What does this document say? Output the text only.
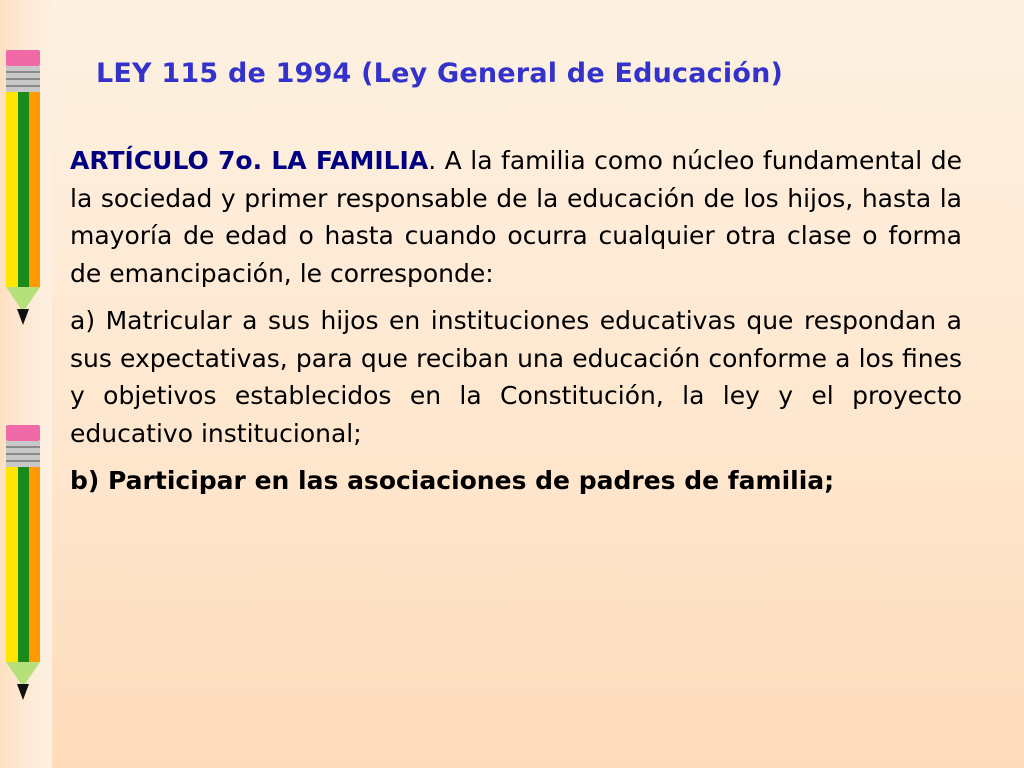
LEY 115 de 1994 (Ley General de Educación)

ARTÍCULO 7o. LA FAMILIA. A la familia como núcleo fundamental de la sociedad y primer responsable de la educación de los hijos, hasta la mayoría de edad o hasta cuando ocurra cualquier otra clase o forma de emancipación, le corresponde:

a) Matricular a sus hijos en instituciones educativas que respondan a sus expectativas, para que reciban una educación conforme a los fines y objetivos establecidos en la Constitución, la ley y el proyecto educativo institucional;

b) Participar en las asociaciones de padres de familia;
